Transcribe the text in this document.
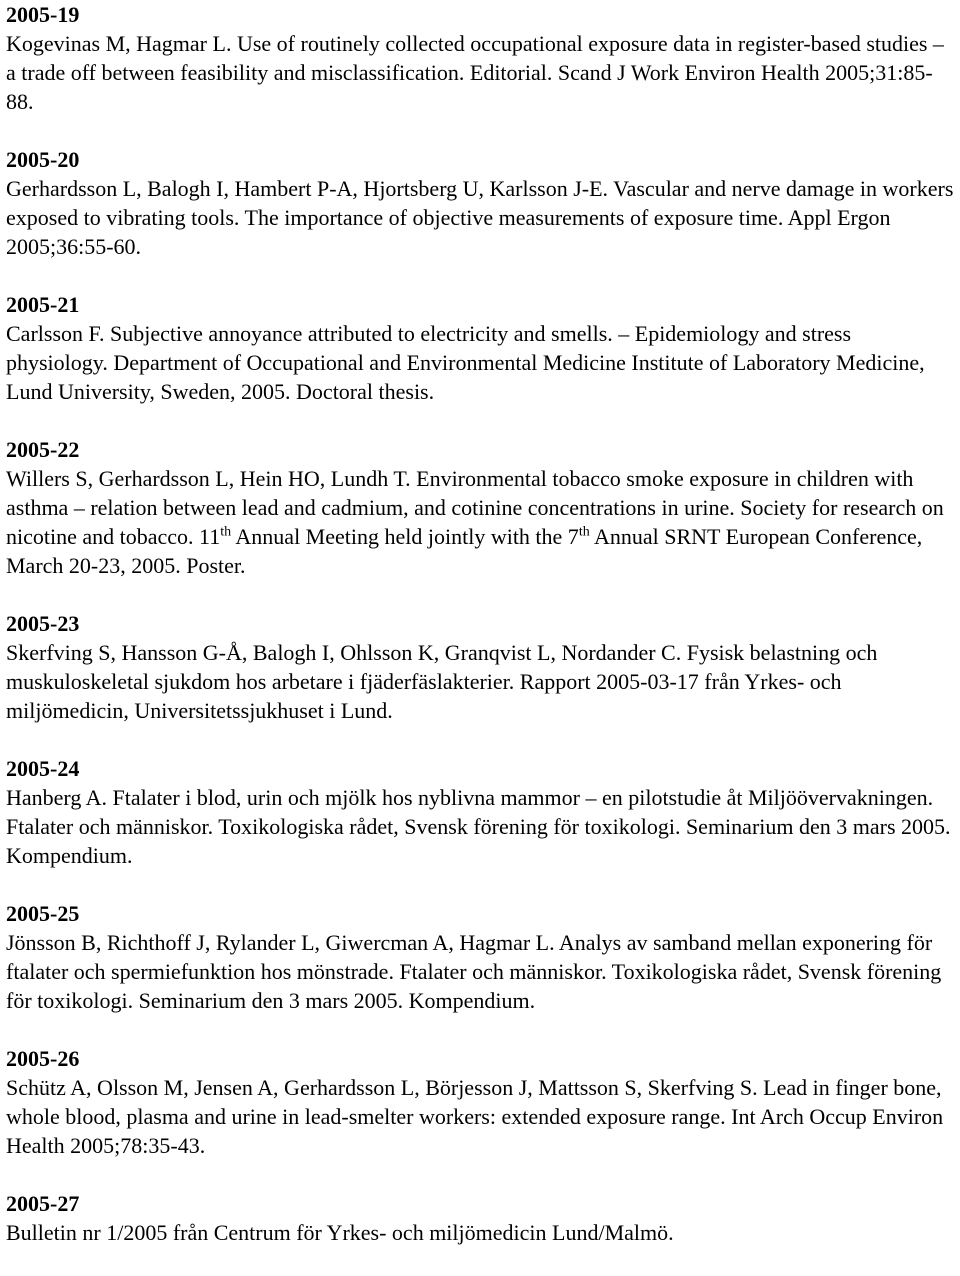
2005-19
Kogevinas M, Hagmar L. Use of routinely collected occupational exposure data in register-based studies – a trade off between feasibility and misclassification. Editorial. Scand J Work Environ Health 2005;31:85-88.
2005-20
Gerhardsson L, Balogh I, Hambert P-A, Hjortsberg U, Karlsson J-E. Vascular and nerve damage in workers exposed to vibrating tools. The importance of objective measurements of exposure time. Appl Ergon 2005;36:55-60.
2005-21
Carlsson F. Subjective annoyance attributed to electricity and smells. – Epidemiology and stress physiology. Department of Occupational and Environmental Medicine Institute of Laboratory Medicine, Lund University, Sweden, 2005. Doctoral thesis.
2005-22
Willers S, Gerhardsson L, Hein HO, Lundh T. Environmental tobacco smoke exposure in children with asthma – relation between lead and cadmium, and cotinine concentrations in urine. Society for research on nicotine and tobacco. 11th Annual Meeting held jointly with the 7th Annual SRNT European Conference, March 20-23, 2005. Poster.
2005-23
Skerfving S, Hansson G-Å, Balogh I, Ohlsson K, Granqvist L, Nordander C. Fysisk belastning och muskuloskeletal sjukdom hos arbetare i fjäderfäslakterier. Rapport 2005-03-17 från Yrkes- och miljömedicin, Universitetssjukhuset i Lund.
2005-24
Hanberg A. Ftalater i blod, urin och mjölk hos nyblivna mammor – en pilotstudie åt Miljöövervakningen. Ftalater och människor. Toxikologiska rådet, Svensk förening för toxikologi. Seminarium den 3 mars 2005. Kompendium.
2005-25
Jönsson B, Richthoff J, Rylander L, Giwercman A, Hagmar L. Analys av samband mellan exponering för ftalater och spermiefunktion hos mönstrade. Ftalater och människor. Toxikologiska rådet, Svensk förening för toxikologi. Seminarium den 3 mars 2005. Kompendium.
2005-26
Schütz A, Olsson M, Jensen A, Gerhardsson L, Börjesson J, Mattsson S, Skerfving S. Lead in finger bone, whole blood, plasma and urine in lead-smelter workers: extended exposure range. Int Arch Occup Environ Health 2005;78:35-43.
2005-27
Bulletin nr 1/2005 från Centrum för Yrkes- och miljömedicin Lund/Malmö.
